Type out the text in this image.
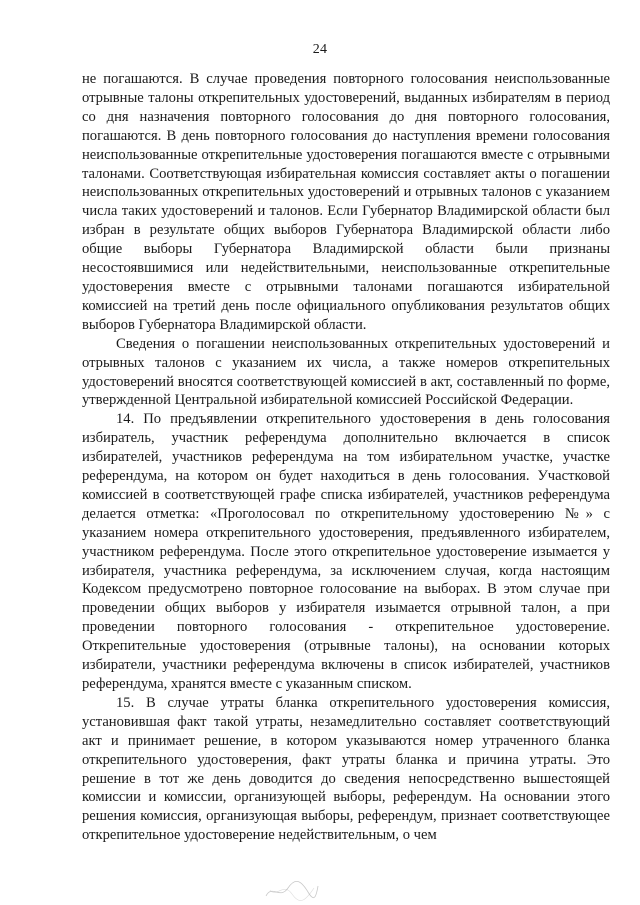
24

не погашаются. В случае проведения повторного голосования неиспользованные отрывные талоны открепительных удостоверений, выданных избирателям в период со дня назначения повторного голосования до дня повторного голосования, погашаются. В день повторного голосования до наступления времени голосования неиспользованные открепительные удостоверения погашаются вместе с отрывными талонами. Соответствующая избирательная комиссия составляет акты о погашении неиспользованных открепительных удостоверений и отрывных талонов с указанием числа таких удостоверений и талонов. Если Губернатор Владимирской области был избран в результате общих выборов Губернатора Владимирской области либо общие выборы Губернатора Владимирской области были признаны несостоявшимися или недействительными, неиспользованные открепительные удостоверения вместе с отрывными талонами погашаются избирательной комиссией на третий день после официального опубликования результатов общих выборов Губернатора Владимирской области.

Сведения о погашении неиспользованных открепительных удостоверений и отрывных талонов с указанием их числа, а также номеров открепительных удостоверений вносятся соответствующей комиссией в акт, составленный по форме, утвержденной Центральной избирательной комиссией Российской Федерации.

14. По предъявлении открепительного удостоверения в день голосования избиратель, участник референдума дополнительно включается в список избирателей, участников референдума на том избирательном участке, участке референдума, на котором он будет находиться в день голосования. Участковой комиссией в соответствующей графе списка избирателей, участников референдума делается отметка: «Проголосовал по открепительному удостоверению №» с указанием номера открепительного удостоверения, предъявленного избирателем, участником референдума. После этого открепительное удостоверение изымается у избирателя, участника референдума, за исключением случая, когда настоящим Кодексом предусмотрено повторное голосование на выборах. В этом случае при проведении общих выборов у избирателя изымается отрывной талон, а при проведении повторного голосования - открепительное удостоверение. Открепительные удостоверения (отрывные талоны), на основании которых избиратели, участники референдума включены в список избирателей, участников референдума, хранятся вместе с указанным списком.

15. В случае утраты бланка открепительного удостоверения комиссия, установившая факт такой утраты, незамедлительно составляет соответствующий акт и принимает решение, в котором указываются номер утраченного бланка открепительного удостоверения, факт утраты бланка и причина утраты. Это решение в тот же день доводится до сведения непосредственно вышестоящей комиссии и комиссии, организующей выборы, референдум. На основании этого решения комиссия, организующая выборы, референдум, признает соответствующее открепительное удостоверение недействительным, о чем
